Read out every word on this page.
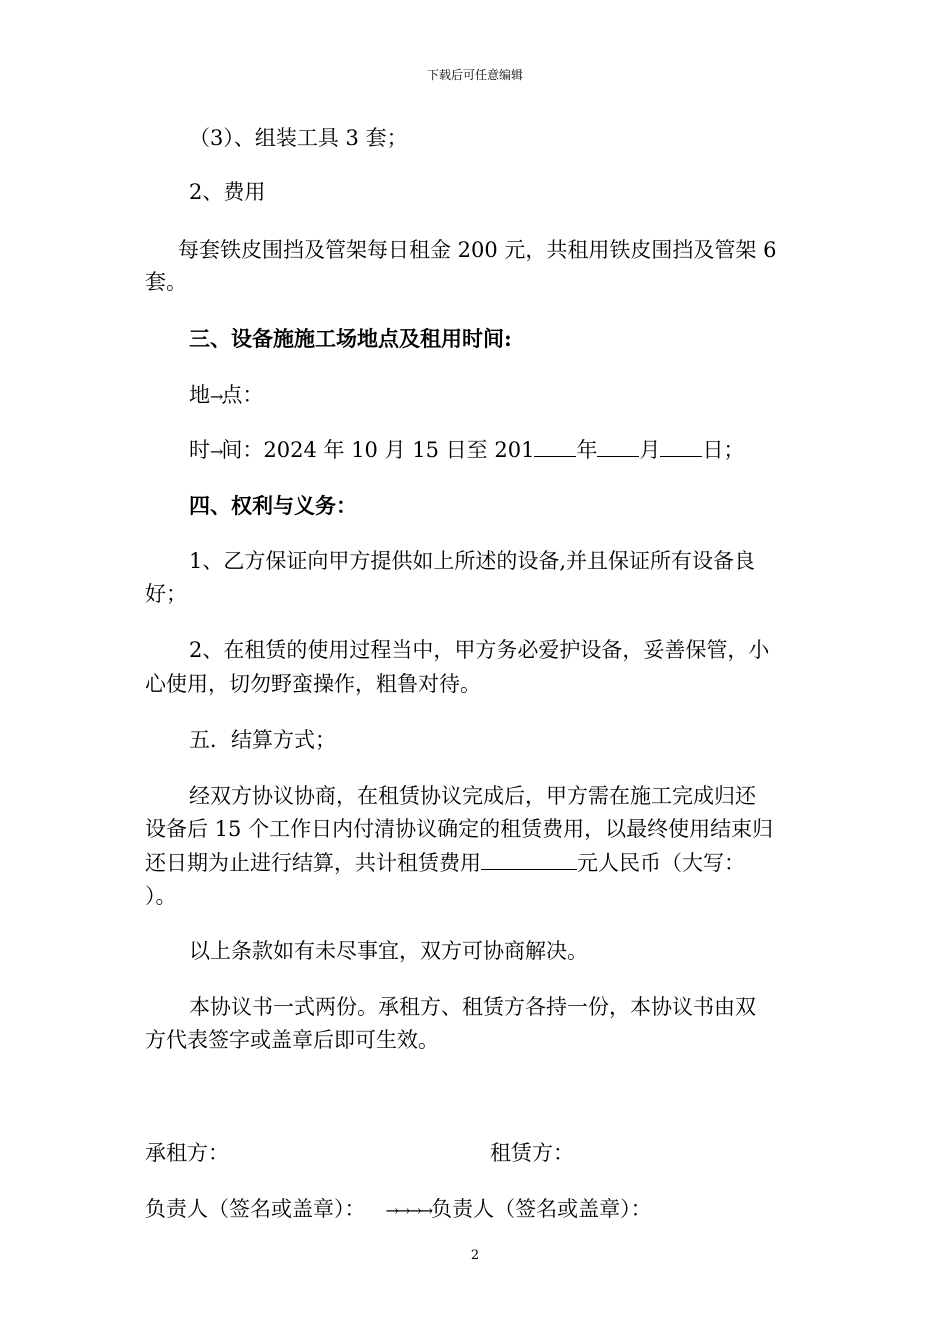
下载后可任意编辑
（3）、组装工具 3 套；
2、费用
每套铁皮围挡及管架每日租金 200 元，共租用铁皮围挡及管架 6
套。
三、设备施施工场地点及租用时间:
地→点：
时→间：2024 年 10 月 15 日至 201 年 月 日；
四、权利与义务：
1、乙方保证向甲方提供如上所述的设备,并且保证所有设备良
好；
2、在租赁的使用过程当中，甲方务必爱护设备，妥善保管，小
心使用，切勿野蛮操作，粗鲁对待。
五．结算方式；
经双方协议协商，在租赁协议完成后，甲方需在施工完成归还
设备后 15 个工作日内付清协议确定的租赁费用，以最终使用结束归
还日期为止进行结算，共计租赁费用	元人民币（大写：
）。
以上条款如有未尽事宜，双方可协商解决。
本协议书一式两份。承租方、租赁方各持一份，本协议书由双
方代表签字或盖章后即可生效。
承租方：	租赁方：
负责人（签名或盖章）： →→→→负责人（签名或盖章）：
2
